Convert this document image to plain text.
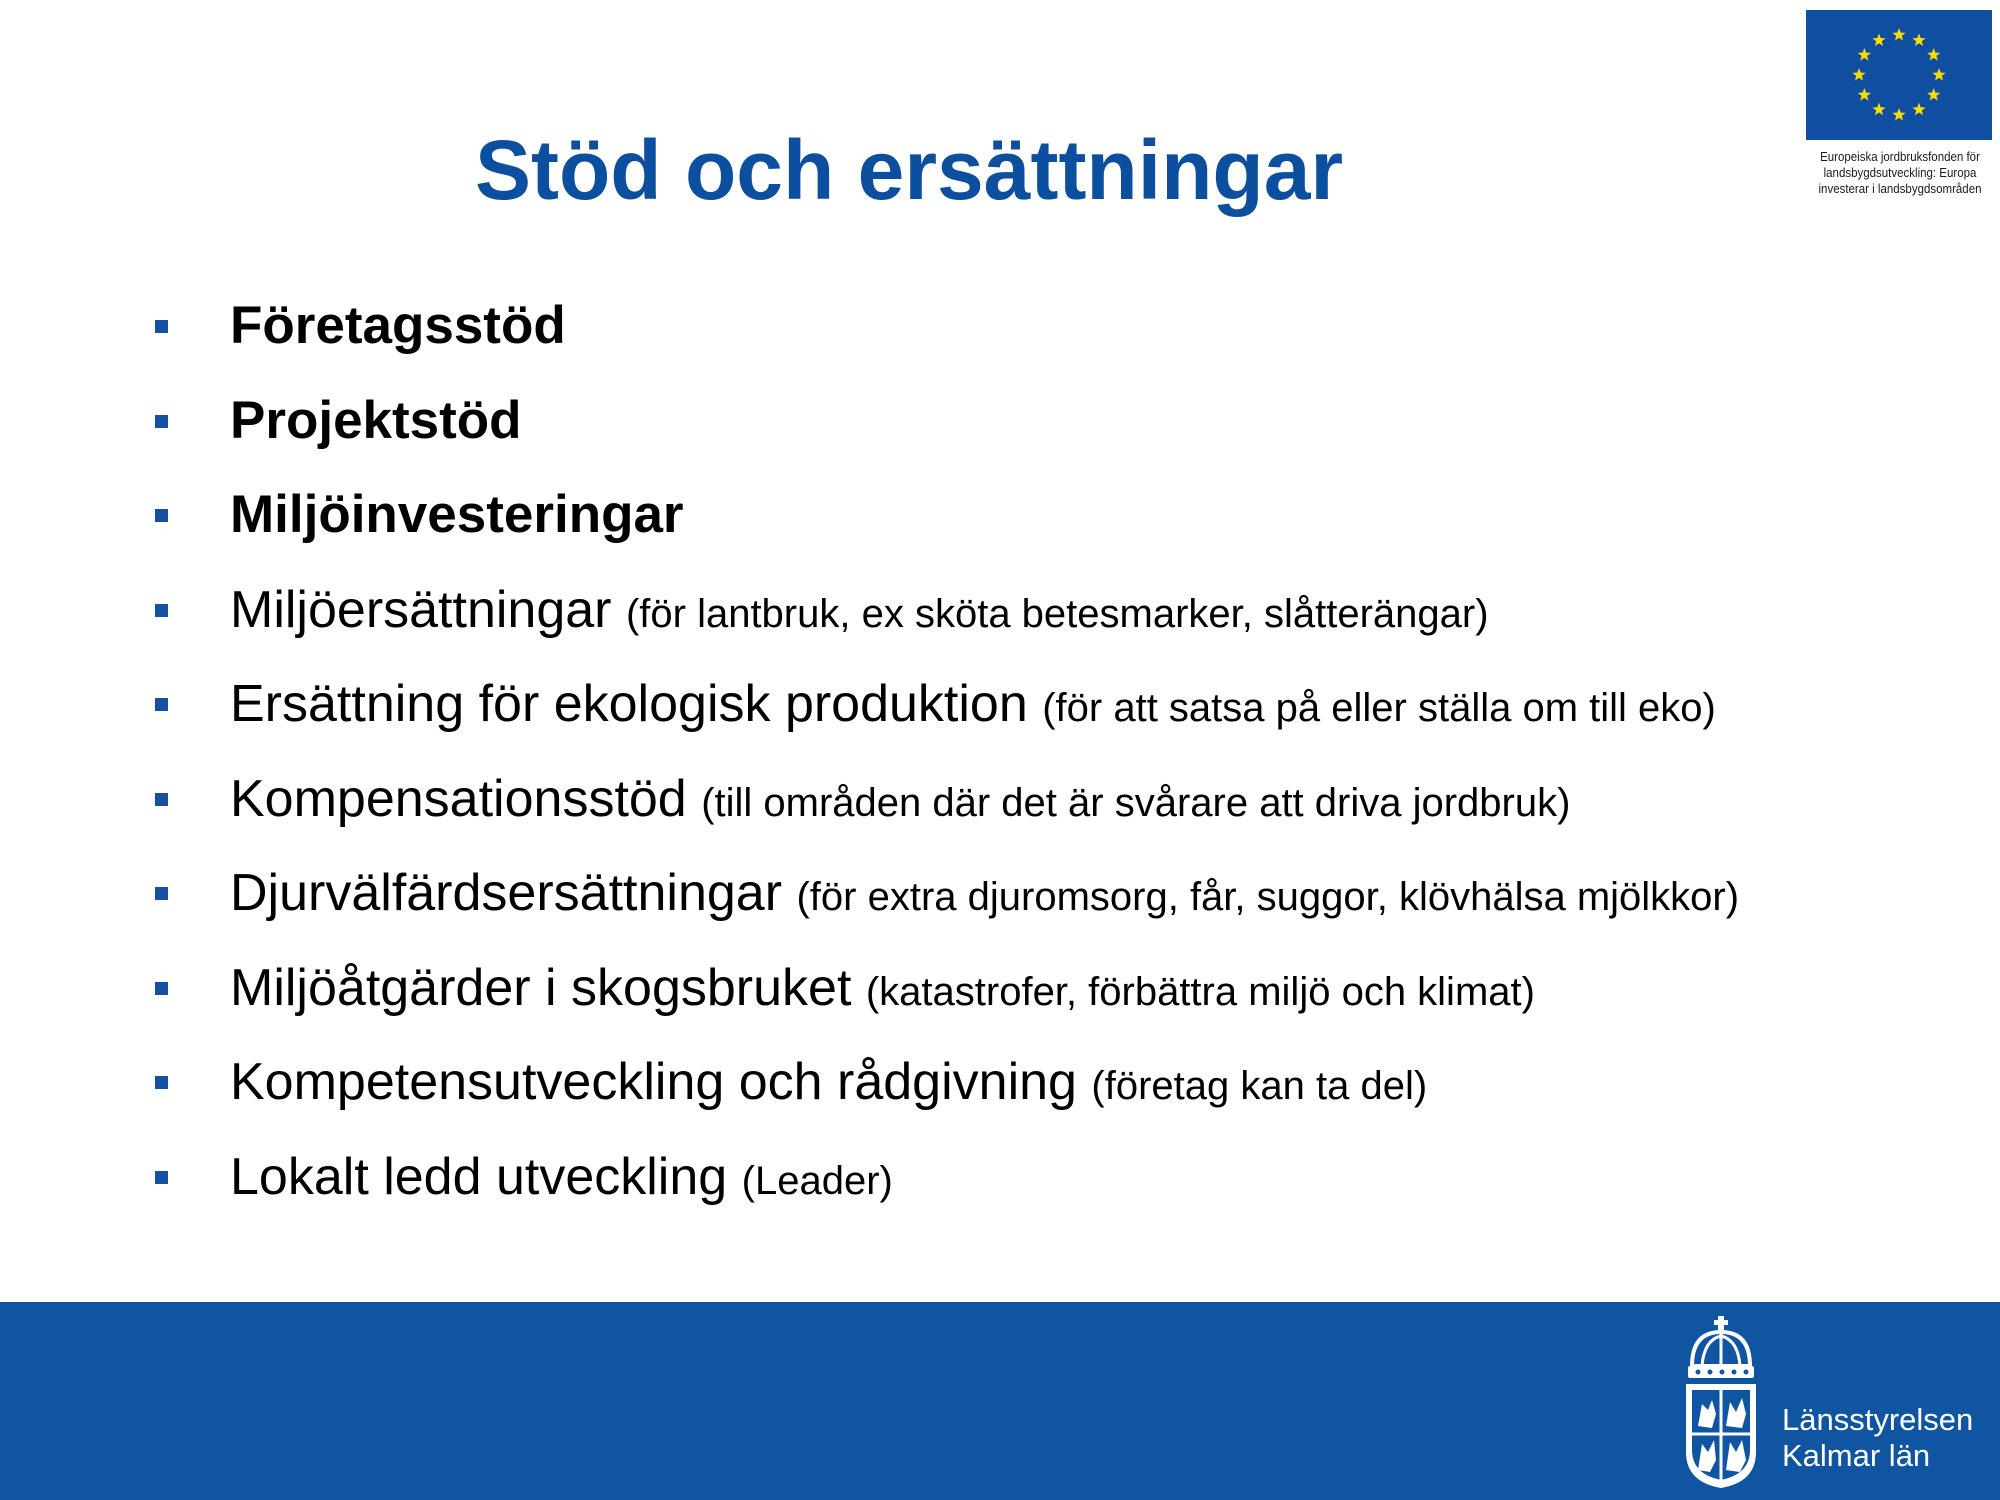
Europeiska jordbruksfonden för
landsbygdsutveckling: Europa
investerar i landsbygdsområden
Stöd och ersättningar
Företagsstöd
Projektstöd
Miljöinvesteringar
Miljöersättningar (för lantbruk, ex sköta betesmarker, slåtterängar)
Ersättning för ekologisk produktion (för att satsa på eller ställa om till eko)
Kompensationsstöd (till områden där det är svårare att driva jordbruk)
Djurvälfärdsersättningar (för extra djuromsorg, får, suggor, klövhälsa mjölkkor)
Miljöåtgärder i skogsbruket (katastrofer, förbättra miljö och klimat)
Kompetensutveckling och rådgivning (företag kan ta del)
Lokalt ledd utveckling (Leader)
Länsstyrelsen
Kalmar län
